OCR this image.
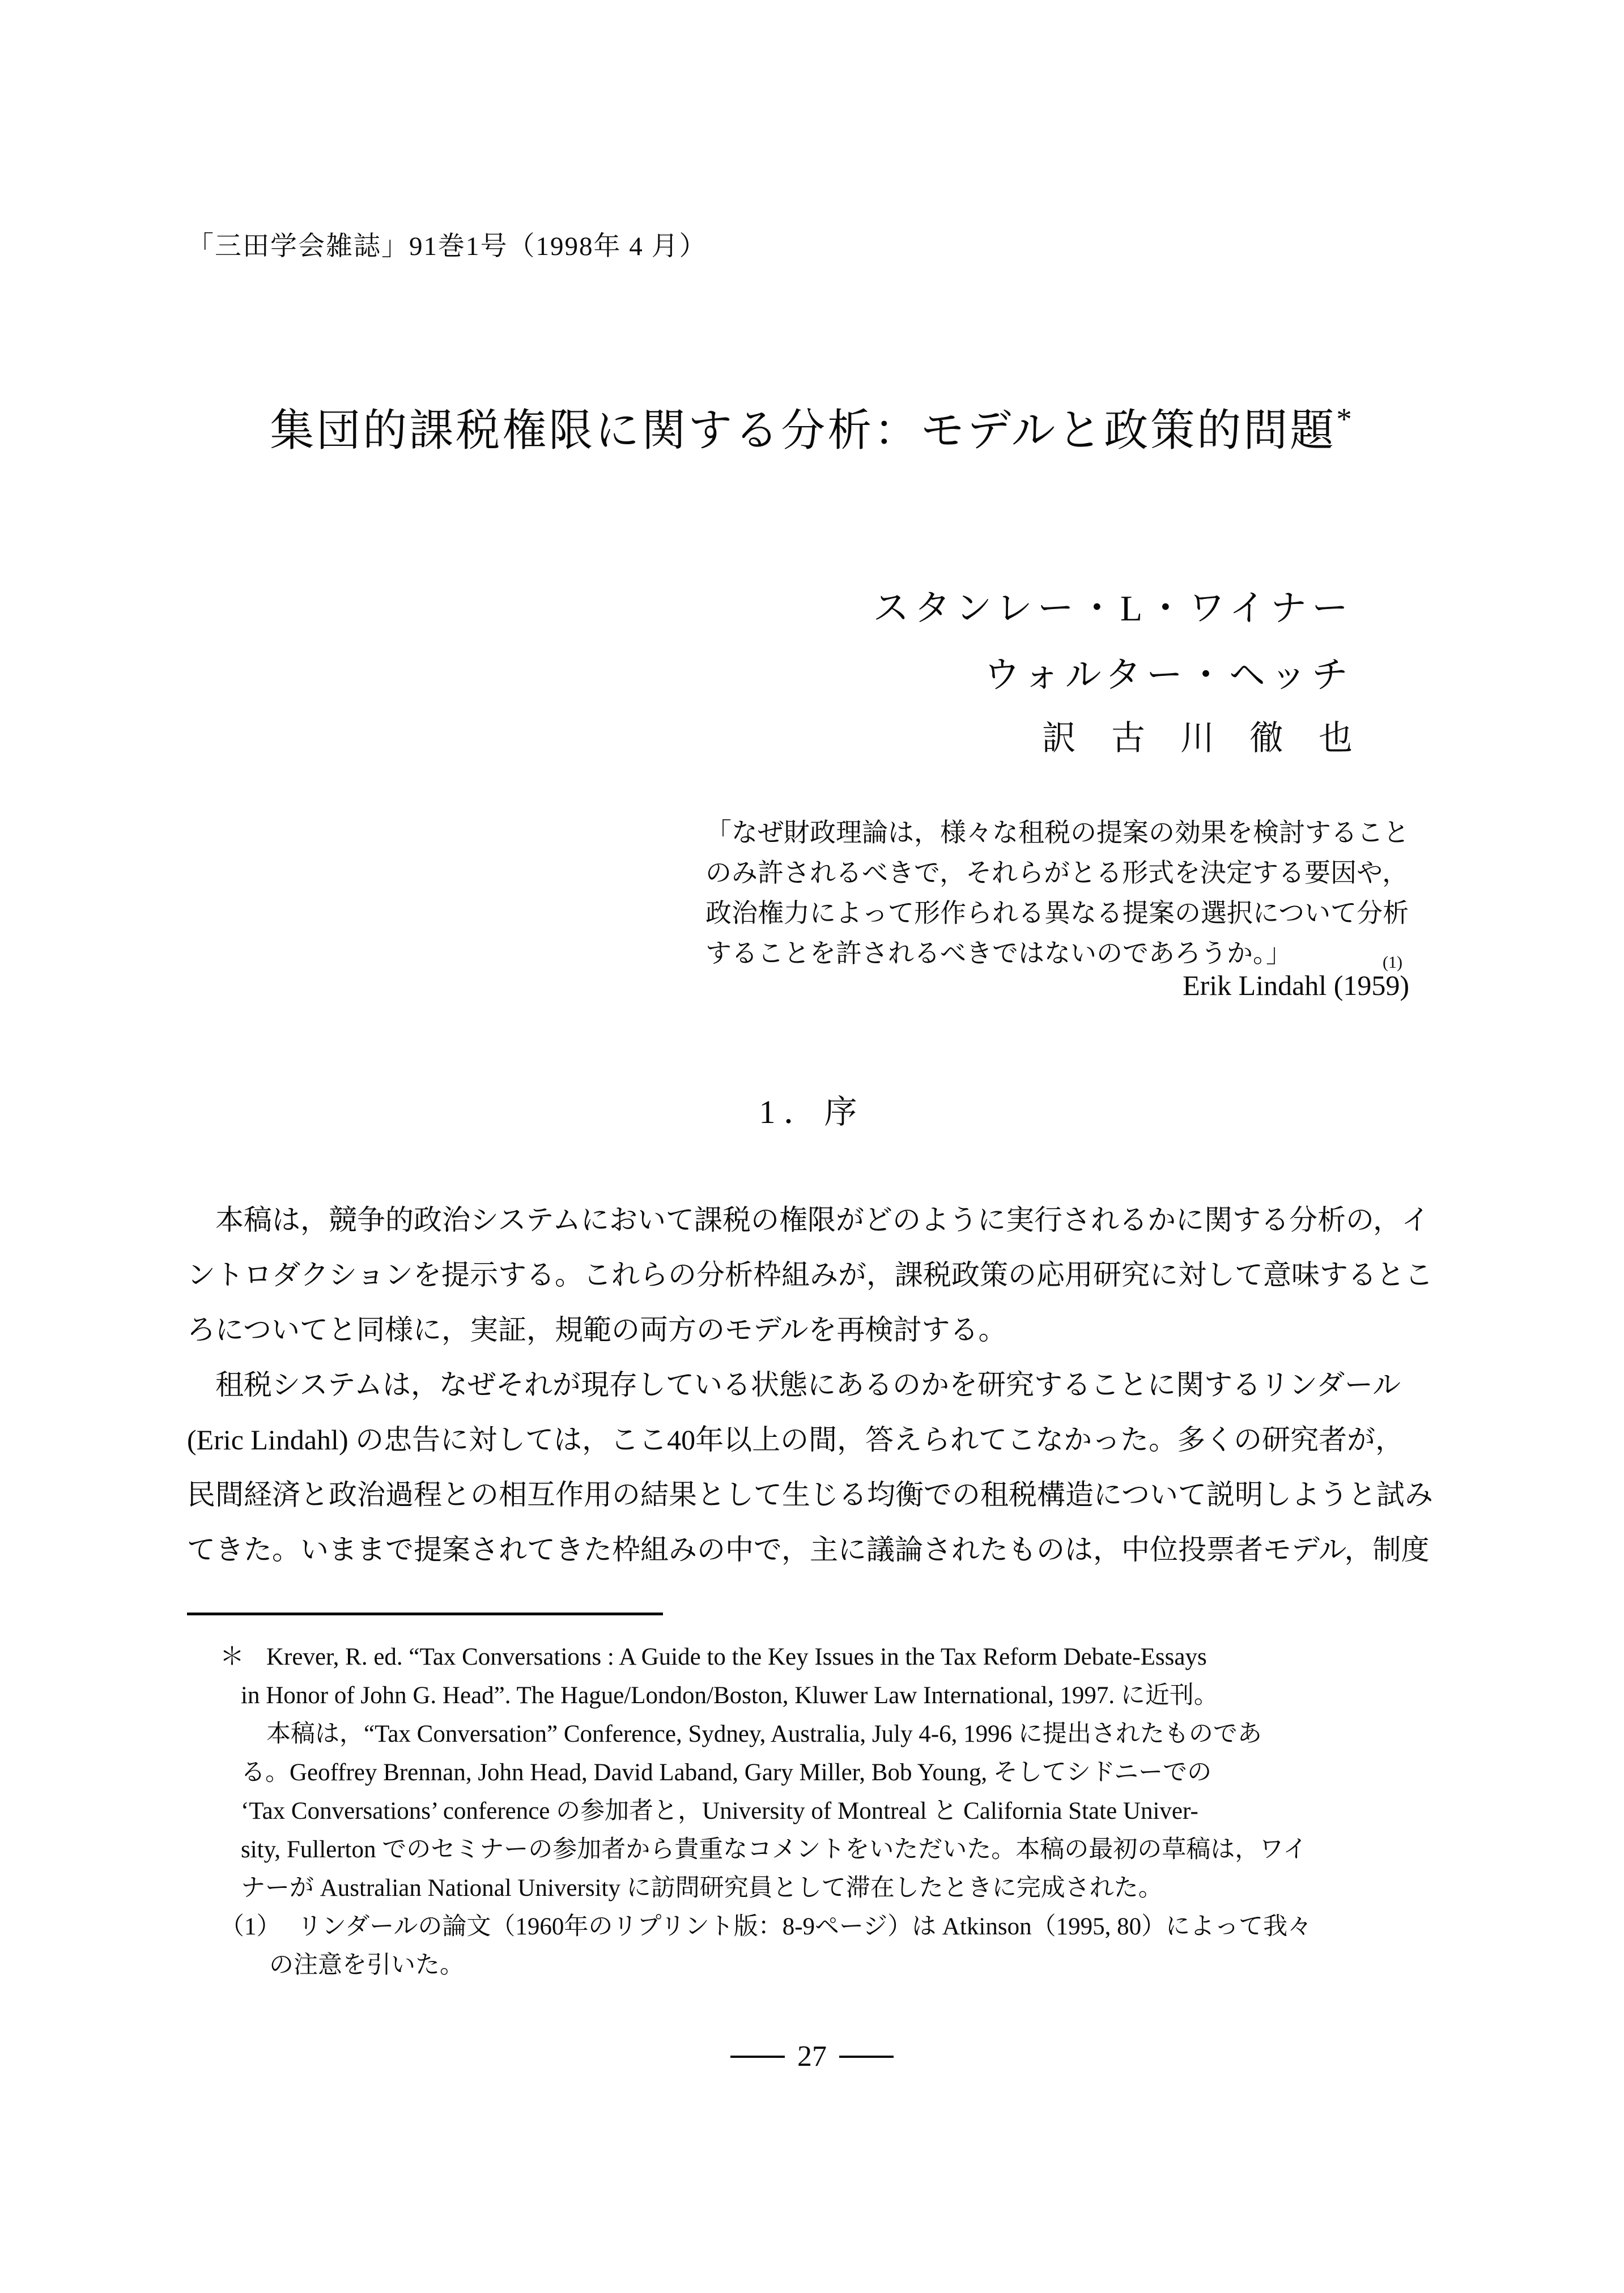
「三田学会雑誌」91巻1号（1998年 4 月）
集団的課税権限に関する分析：モデルと政策的問題*
スタンレー・L・ワイナー
ウォルター・ヘッチ
訳　古　川　徹　也
「なぜ財政理論は，様々な租税の提案の効果を検討すること
のみ許されるべきで，それらがとる形式を決定する要因や，
政治権力によって形作られる異なる提案の選択について分析
することを許されるべきではないのであろうか。」	(1)
Erik Lindahl (1959)
1．序
本稿は，競争的政治システムにおいて課税の権限がどのように実行されるかに関する分析の，イ
ントロダクションを提示する。これらの分析枠組みが，課税政策の応用研究に対して意味するとこ
ろについてと同様に，実証，規範の両方のモデルを再検討する。
租税システムは，なぜそれが現存している状態にあるのかを研究することに関するリンダール
(Eric Lindahl) の忠告に対しては，ここ40年以上の間，答えられてこなかった。多くの研究者が，
民間経済と政治過程との相互作用の結果として生じる均衡での租税構造について説明しようと試み
てきた。いままで提案されてきた枠組みの中で，主に議論されたものは，中位投票者モデル，制度
＊ Krever, R. ed. “Tax Conversations : A Guide to the Key Issues in the Tax Reform Debate-Essays
in Honor of John G. Head”. The Hague/London/Boston, Kluwer Law International, 1997. に近刊。
本稿は，“Tax Conversation” Conference, Sydney, Australia, July 4-6, 1996 に提出されたものであ
る。Geoffrey Brennan, John Head, David Laband, Gary Miller, Bob Young, そしてシドニーでの
‘Tax Conversations’ conference の参加者と，University of Montreal と California State Univer-
sity, Fullerton でのセミナーの参加者から貴重なコメントをいただいた。本稿の最初の草稿は，ワイ
ナーが Australian National University に訪問研究員として滞在したときに完成された。
（1） リンダールの論文（1960年のリプリント版：8-9ページ）は Atkinson（1995, 80）によって我々
の注意を引いた。
27
